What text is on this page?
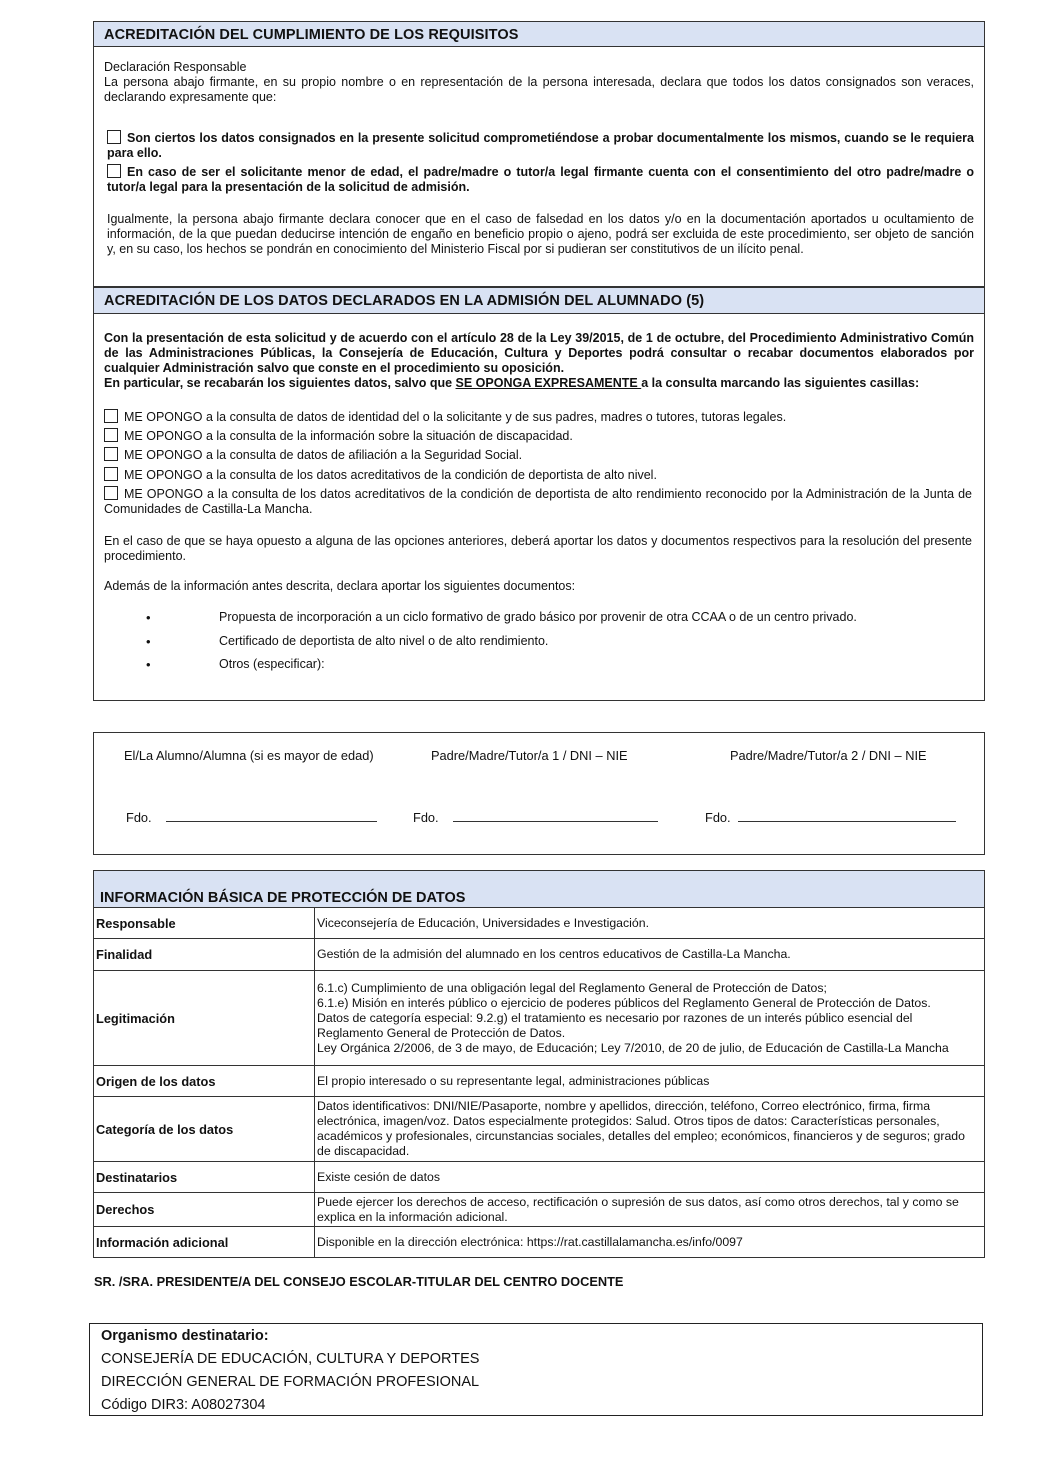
ACREDITACIÓN DEL CUMPLIMIENTO DE LOS REQUISITOS
Declaración Responsable
La persona abajo firmante, en su propio nombre o en representación de la persona interesada, declara que todos los datos consignados son veraces, declarando expresamente que:
Son ciertos los datos consignados en la presente solicitud comprometiéndose a probar documentalmente los mismos, cuando se le requiera para ello.
En caso de ser el solicitante menor de edad, el padre/madre o tutor/a legal firmante cuenta con el consentimiento del otro padre/madre o tutor/a legal para la presentación de la solicitud de admisión.
Igualmente, la persona abajo firmante declara conocer que en el caso de falsedad en los datos y/o en la documentación aportados u ocultamiento de información, de la que puedan deducirse intención de engaño en beneficio propio o ajeno, podrá ser excluida de este procedimiento, ser objeto de sanción y, en su caso, los hechos se pondrán en conocimiento del Ministerio Fiscal por si pudieran ser constitutivos de un ilícito penal.
ACREDITACIÓN DE LOS DATOS DECLARADOS EN LA ADMISIÓN DEL ALUMNADO (5)
Con la presentación de esta solicitud y de acuerdo con el artículo 28 de la Ley 39/2015, de 1 de octubre, del Procedimiento Administrativo Común de las Administraciones Públicas, la Consejería de Educación, Cultura y Deportes podrá consultar o recabar documentos elaborados por cualquier Administración salvo que conste en el procedimiento su oposición.
En particular, se recabarán los siguientes datos, salvo que SE OPONGA EXPRESAMENTE a la consulta marcando las siguientes casillas:
ME OPONGO a la consulta de datos de identidad del o la solicitante y de sus padres, madres o tutores, tutoras legales.
ME OPONGO a la consulta de la información sobre la situación de discapacidad.
ME OPONGO a la consulta de datos de afiliación a la Seguridad Social.
ME OPONGO a la consulta de los datos acreditativos de la condición de deportista de alto nivel.
ME OPONGO a la consulta de los datos acreditativos de la condición de deportista de alto rendimiento reconocido por la Administración de la Junta de Comunidades de Castilla-La Mancha.
En el caso de que se haya opuesto a alguna de las opciones anteriores, deberá aportar los datos y documentos respectivos para la resolución del presente procedimiento.
Además de la información antes descrita, declara aportar los siguientes documentos:
•	Propuesta de incorporación a un ciclo formativo de grado básico por provenir de otra CCAA o de un centro privado.
•	Certificado de deportista de alto nivel o de alto rendimiento.
•	Otros (especificar):
El/La Alumno/Alumna (si es mayor de edad)	Padre/Madre/Tutor/a 1 / DNI – NIE	Padre/Madre/Tutor/a 2 / DNI – NIE
Fdo.	Fdo.	Fdo.
INFORMACIÓN BÁSICA DE PROTECCIÓN DE DATOS
Responsable	Viceconsejería de Educación, Universidades e Investigación.
Finalidad	Gestión de la admisión del alumnado en los centros educativos de Castilla-La Mancha.
Legitimación	6.1.c) Cumplimiento de una obligación legal del Reglamento General de Protección de Datos;
6.1.e) Misión en interés público o ejercicio de poderes públicos del Reglamento General de Protección de Datos.
Datos de categoría especial: 9.2.g) el tratamiento es necesario por razones de un interés público esencial del Reglamento General de Protección de Datos.
Ley Orgánica 2/2006, de 3 de mayo, de Educación; Ley 7/2010, de 20 de julio, de Educación de Castilla-La Mancha
Origen de los datos	El propio interesado o su representante legal, administraciones públicas
Categoría de los datos	Datos identificativos: DNI/NIE/Pasaporte, nombre y apellidos, dirección, teléfono, Correo electrónico, firma, firma electrónica, imagen/voz. Datos especialmente protegidos: Salud. Otros tipos de datos: Características personales, académicos y profesionales, circunstancias sociales, detalles del empleo; económicos, financieros y de seguros; grado de discapacidad.
Destinatarios	Existe cesión de datos
Derechos	Puede ejercer los derechos de acceso, rectificación o supresión de sus datos, así como otros derechos, tal y como se explica en la información adicional.
Información adicional	Disponible en la dirección electrónica: https://rat.castillalamancha.es/info/0097
SR. /SRA. PRESIDENTE/A DEL CONSEJO ESCOLAR-TITULAR DEL CENTRO DOCENTE
Organismo destinatario:
CONSEJERÍA DE EDUCACIÓN, CULTURA Y DEPORTES
DIRECCIÓN GENERAL DE FORMACIÓN PROFESIONAL
Código DIR3: A08027304
